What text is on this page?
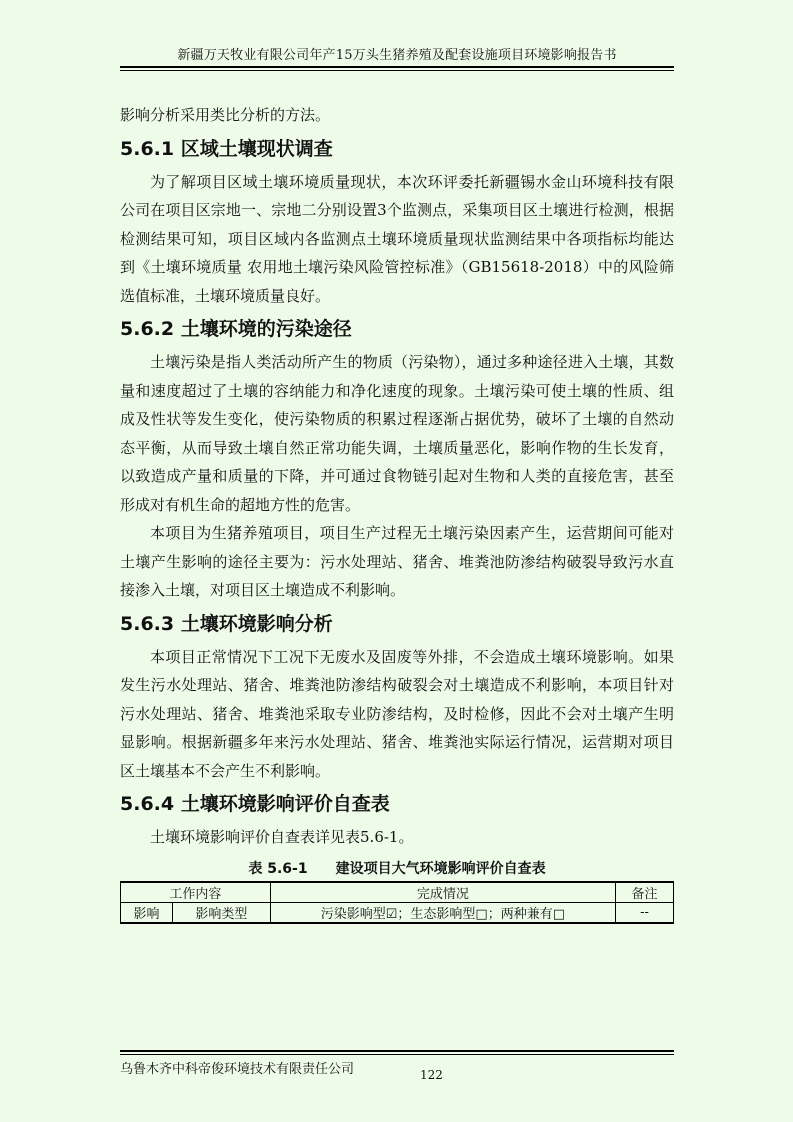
新疆万天牧业有限公司年产15万头生猪养殖及配套设施项目环境影响报告书

影响分析采用类比分析的方法。

5.6.1 区域土壤现状调查

为了解项目区域土壤环境质量现状，本次环评委托新疆锡水金山环境科技有限公司在项目区宗地一、宗地二分别设置3个监测点，采集项目区土壤进行检测，根据检测结果可知，项目区域内各监测点土壤环境质量现状监测结果中各项指标均能达到《土壤环境质量 农用地土壤污染风险管控标准》（GB15618-2018）中的风险筛选值标准，土壤环境质量良好。

5.6.2 土壤环境的污染途径

土壤污染是指人类活动所产生的物质（污染物），通过多种途径进入土壤，其数量和速度超过了土壤的容纳能力和净化速度的现象。土壤污染可使土壤的性质、组成及性状等发生变化，使污染物质的积累过程逐渐占据优势，破坏了土壤的自然动态平衡，从而导致土壤自然正常功能失调，土壤质量恶化，影响作物的生长发育，以致造成产量和质量的下降，并可通过食物链引起对生物和人类的直接危害，甚至形成对有机生命的超地方性的危害。

本项目为生猪养殖项目，项目生产过程无土壤污染因素产生，运营期间可能对土壤产生影响的途径主要为：污水处理站、猪舍、堆粪池防渗结构破裂导致污水直接渗入土壤，对项目区土壤造成不利影响。

5.6.3 土壤环境影响分析

本项目正常情况下工况下无废水及固废等外排，不会造成土壤环境影响。如果发生污水处理站、猪舍、堆粪池防渗结构破裂会对土壤造成不利影响，本项目针对污水处理站、猪舍、堆粪池采取专业防渗结构，及时检修，因此不会对土壤产生明显影响。根据新疆多年来污水处理站、猪舍、堆粪池实际运行情况，运营期对项目区土壤基本不会产生不利影响。

5.6.4 土壤环境影响评价自查表

土壤环境影响评价自查表详见表5.6-1。

表 5.6-1 建设项目大气环境影响评价自查表
工作内容		完成情况	备注
影响	影响类型	污染影响型☑；生态影响型□；两种兼有□	--
乌鲁木齐中科帝俊环境技术有限责任公司	122
